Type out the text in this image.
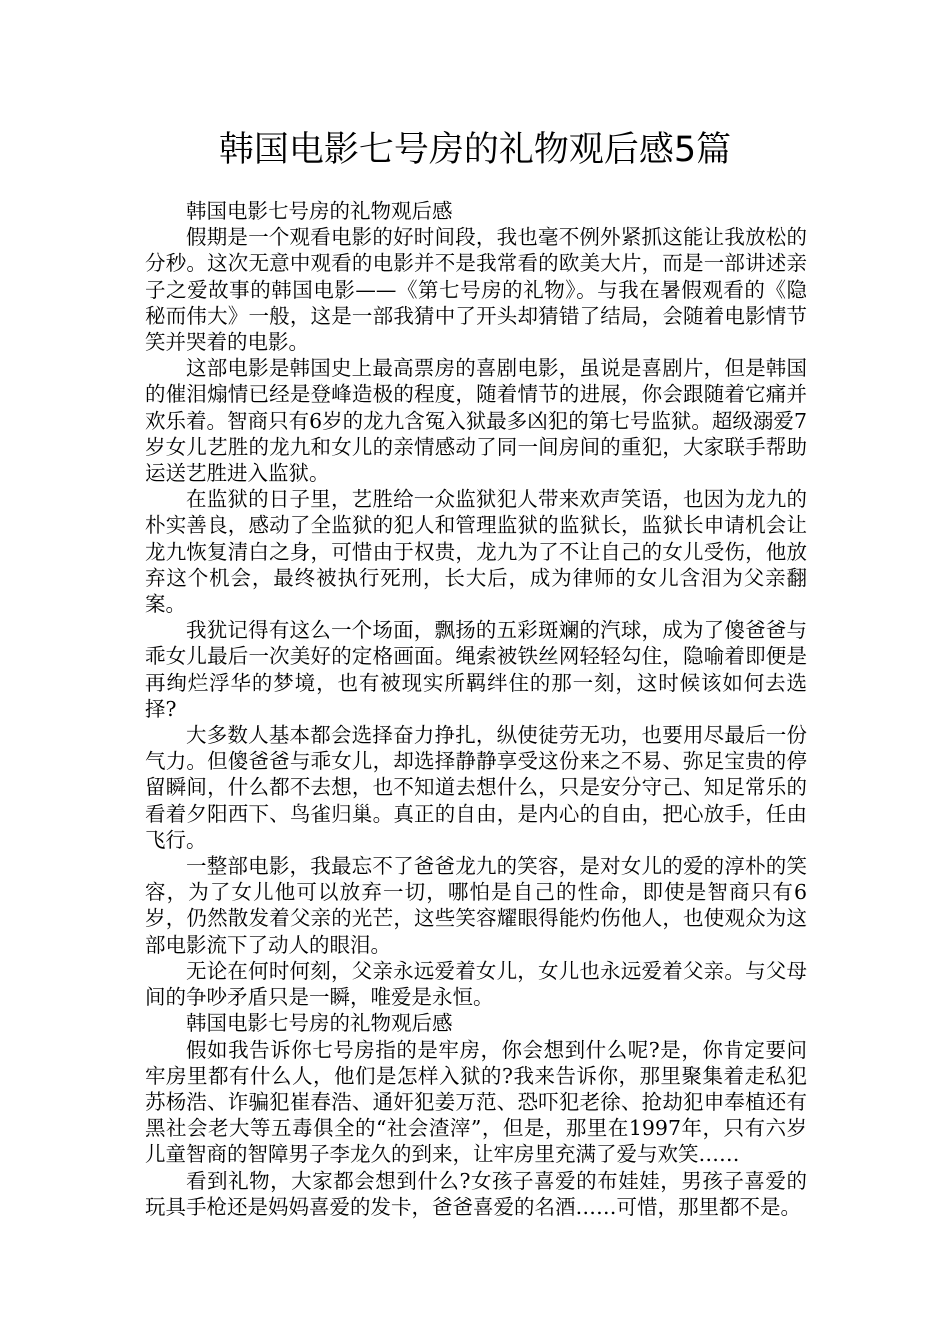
韩国电影七号房的礼物观后感5篇

韩国电影七号房的礼物观后感

假期是一个观看电影的好时间段，我也毫不例外紧抓这能让我放松的分秒。这次无意中观看的电影并不是我常看的欧美大片，而是一部讲述亲子之爱故事的韩国电影——《第七号房的礼物》。与我在暑假观看的《隐秘而伟大》一般，这是一部我猜中了开头却猜错了结局，会随着电影情节笑并哭着的电影。

这部电影是韩国史上最高票房的喜剧电影，虽说是喜剧片，但是韩国的催泪煽情已经是登峰造极的程度，随着情节的进展，你会跟随着它痛并欢乐着。智商只有6岁的龙九含冤入狱最多凶犯的第七号监狱。超级溺爱7岁女儿艺胜的龙九和女儿的亲情感动了同一间房间的重犯，大家联手帮助运送艺胜进入监狱。

在监狱的日子里，艺胜给一众监狱犯人带来欢声笑语，也因为龙九的朴实善良，感动了全监狱的犯人和管理监狱的监狱长，监狱长申请机会让龙九恢复清白之身，可惜由于权贵，龙九为了不让自己的女儿受伤，他放弃这个机会，最终被执行死刑，长大后，成为律师的女儿含泪为父亲翻案。

我犹记得有这么一个场面，飘扬的五彩斑斓的汽球，成为了傻爸爸与乖女儿最后一次美好的定格画面。绳索被铁丝网轻轻勾住，隐喻着即便是再绚烂浮华的梦境，也有被现实所羁绊住的那一刻，这时候该如何去选择?

大多数人基本都会选择奋力挣扎，纵使徒劳无功，也要用尽最后一份气力。但傻爸爸与乖女儿，却选择静静享受这份来之不易、弥足宝贵的停留瞬间，什么都不去想，也不知道去想什么，只是安分守己、知足常乐的看着夕阳西下、鸟雀归巢。真正的自由，是内心的自由，把心放手，任由飞行。

一整部电影，我最忘不了爸爸龙九的笑容，是对女儿的爱的淳朴的笑容，为了女儿他可以放弃一切，哪怕是自己的性命，即使是智商只有6岁，仍然散发着父亲的光芒，这些笑容耀眼得能灼伤他人，也使观众为这部电影流下了动人的眼泪。

无论在何时何刻，父亲永远爱着女儿，女儿也永远爱着父亲。与父母间的争吵矛盾只是一瞬，唯爱是永恒。

韩国电影七号房的礼物观后感

假如我告诉你七号房指的是牢房，你会想到什么呢?是，你肯定要问牢房里都有什么人，他们是怎样入狱的?我来告诉你，那里聚集着走私犯苏杨浩、诈骗犯崔春浩、通奸犯姜万范、恐吓犯老徐、抢劫犯申奉植还有黑社会老大等五毒俱全的“社会渣滓”，但是，那里在1997年，只有六岁儿童智商的智障男子李龙久的到来，让牢房里充满了爱与欢笑……

看到礼物，大家都会想到什么?女孩子喜爱的布娃娃，男孩子喜爱的玩具手枪还是妈妈喜爱的发卡，爸爸喜爱的名酒……可惜，那里都不是。
